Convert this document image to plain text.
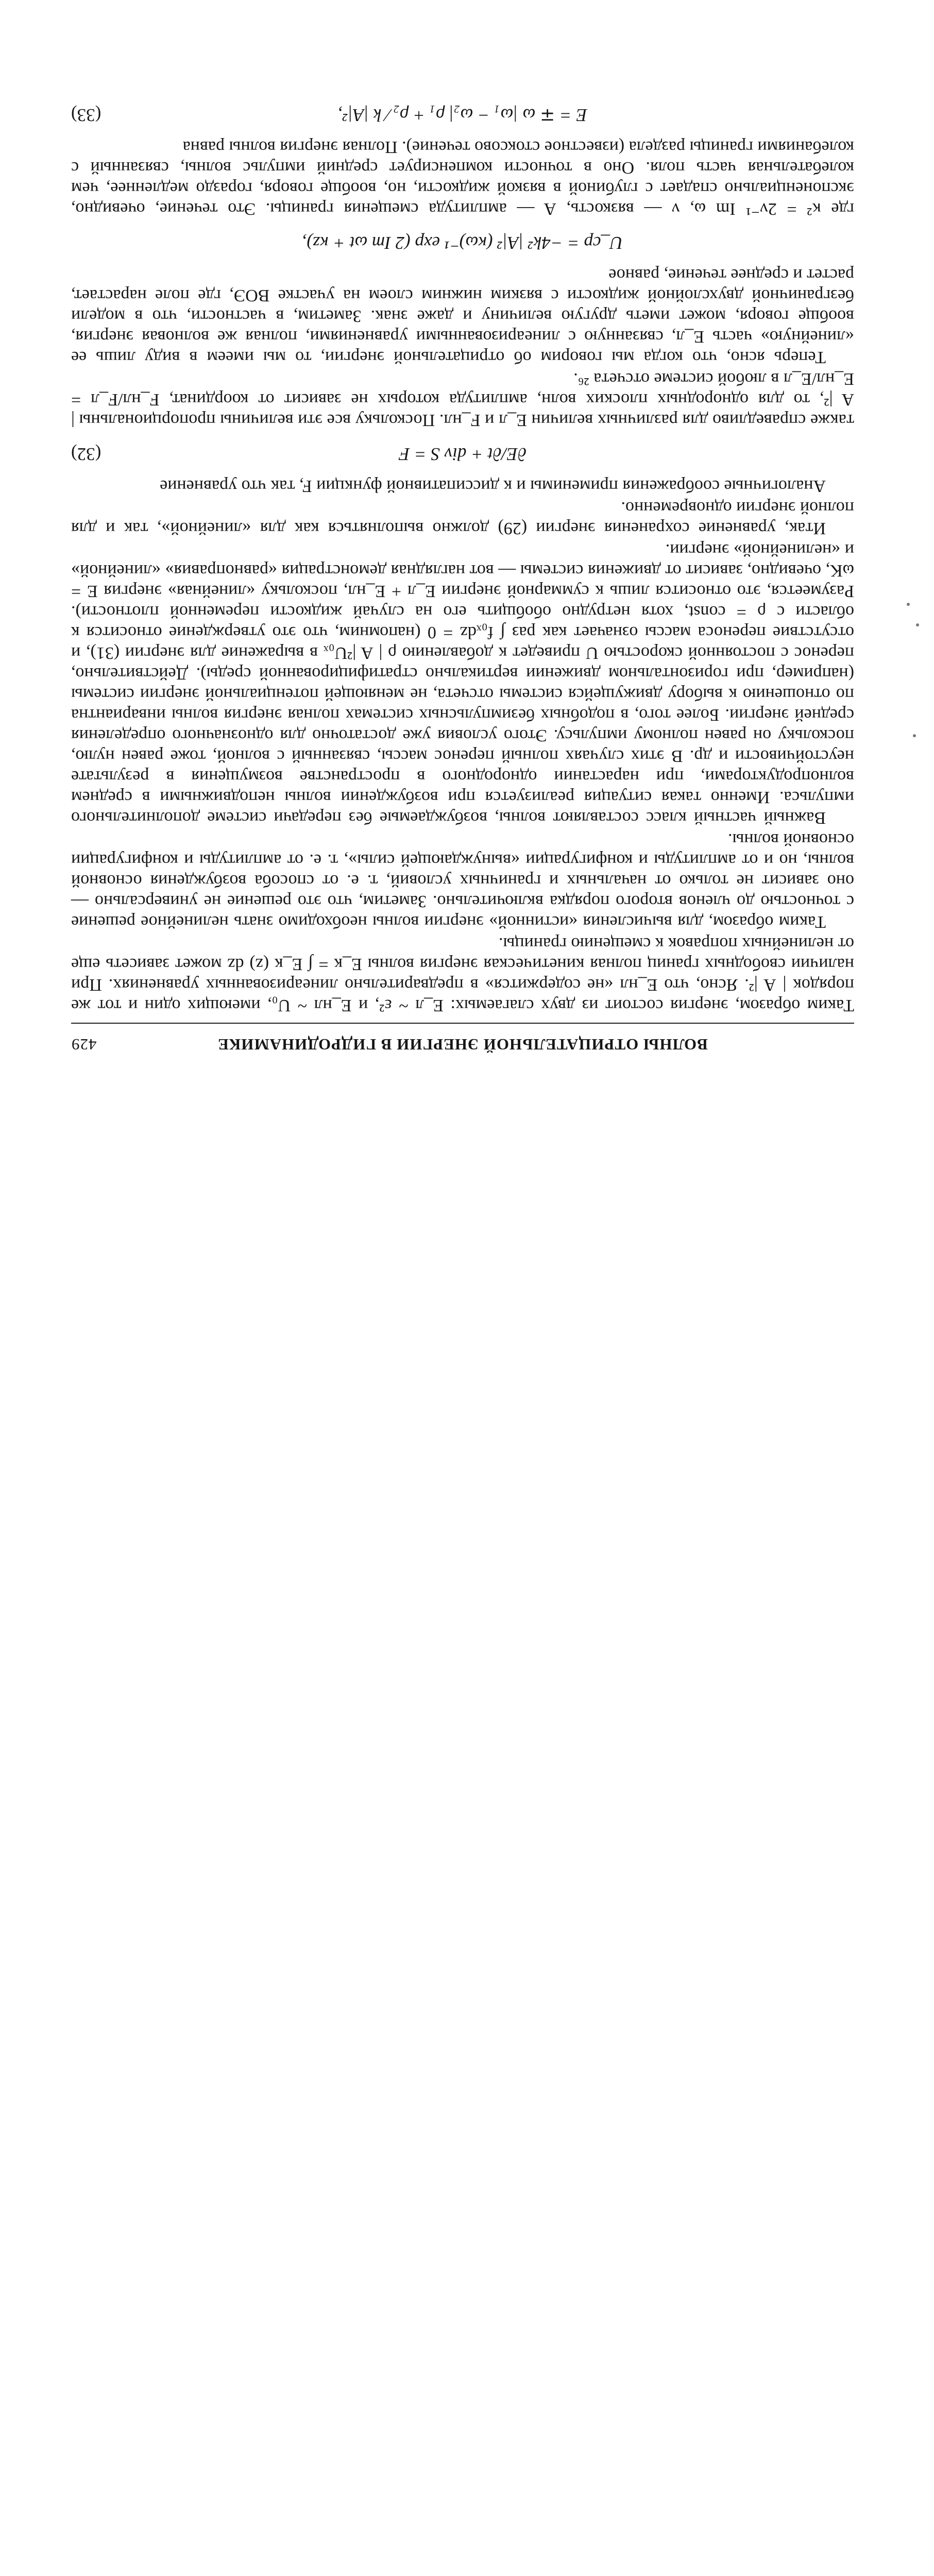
ВОЛНЫ ОТРИЦАТЕЛЬНОЙ ЭНЕРГИИ В ГИДРОДИНАМИКЕ
429

Таким образом, энергия состоит из двух слагаемых: E_л ~ ε², и E_нл ~ U₀, имеющих один и тот же порядок | A |². Ясно, что E_нл «не содержится» в предварительно линеаризованных уравнениях. При наличии свободных границ полная кинетическая энергия волны E_к = ∫ E_к (z) dz может зависеть еще от нелинейных поправок к смещению границы.

Таким образом, для вычисления «истинной» энергии волны необходимо знать нелинейное решение с точностью до членов второго порядка включительно. Заметим, что это решение не универсально — оно зависит не только от начальных и граничных условий, т. е. от способа возбуждения основной волны, но и от амплитуды и конфигурации «вынуждающей силы», т. е. от амплитуды и конфигурации основной волны.

Важный частный класс составляют волны, возбуждаемые без передачи системе дополнительного импульса. Именно такая ситуация реализуется при возбуждении волны неподвижными в среднем волнопродукторами, при нарастании однородного в пространстве возмущения в результате неустойчивости и др. В этих случаях полный перенос массы, связанный с волной, тоже равен нулю, поскольку он равен полному импульсу. Этого условия уже достаточно для однозначного определения средней энергии. Более того, в подобных безимпульсных системах полная энергия волны инвариантна по отношению к выбору движущейся системы отсчета, не меняющей потенциальной энергии системы (например, при горизонтальном движении вертикально стратифицированной среды). Действительно, перенос с постоянной скоростью U приведет к добавлению ρ | A |²U₀ₓ в выражение для энергии (31), и отсутствие переноса массы означает как раз ∫ f₀ₓdz = 0 (напомним, что это утверждение относится к области с ρ = const, хотя нетрудно обобщить его на случай жидкости переменной плотности). Разумеется, это относится лишь к суммарной энергии E_л + E_нл, поскольку «линейная» энергия E = ωK, очевидно, зависит от движения системы — вот наглядная демонстрация «равноправия» «линейной» и «нелинейной» энергии.

Итак, уравнение сохранения энергии (29) должно выполняться как для «линейной», так и для полной энергии одновременно.

Аналогичные соображения применимы и к диссипативной функции F, так что уравнение

∂E/∂t + div S = F
(32)

также справедливо для различных величин E_л и F_нл. Поскольку все эти величины пропорциональны | A |², то для однородных плоских волн, амплитуда которых не зависит от координат, F_нл/F_л = E_нл/E_л в любой системе отсчета ²⁶.

Теперь ясно, что когда мы говорим об отрицательной энергии, то мы имеем в виду лишь ее «линейную» часть E_л, связанную с линеаризованными уравнениями, полная же волновая энергия, вообще говоря, может иметь другую величину и даже знак. Заметим, в частности, что в модели безграничной двухслойной жидкости с вязким нижним слоем на участке ВОЭ, где поле нарастает, растет и среднее течение, равное

U_ср = −4k² |A|² (κω)⁻¹ exp (2 Im ωt + κz),

где κ² = 2ν⁻¹ Im ω, ν — вязкость, A — амплитуда смещения границы. Это течение, очевидно, экспоненциально спадает с глубиной в вязкой жидкости, но, вообще говоря, гораздо медленнее, чем колебательная часть поля. Оно в точности компенсирует средний импульс волны, связанный с колебаниями границы раздела (известное стоксово течение). Полная энергия волны равна

E = ∓ ω |ω₁ − ω₂| ρ₁ + ρ₂ ⁄ k |A|²,
(33)
